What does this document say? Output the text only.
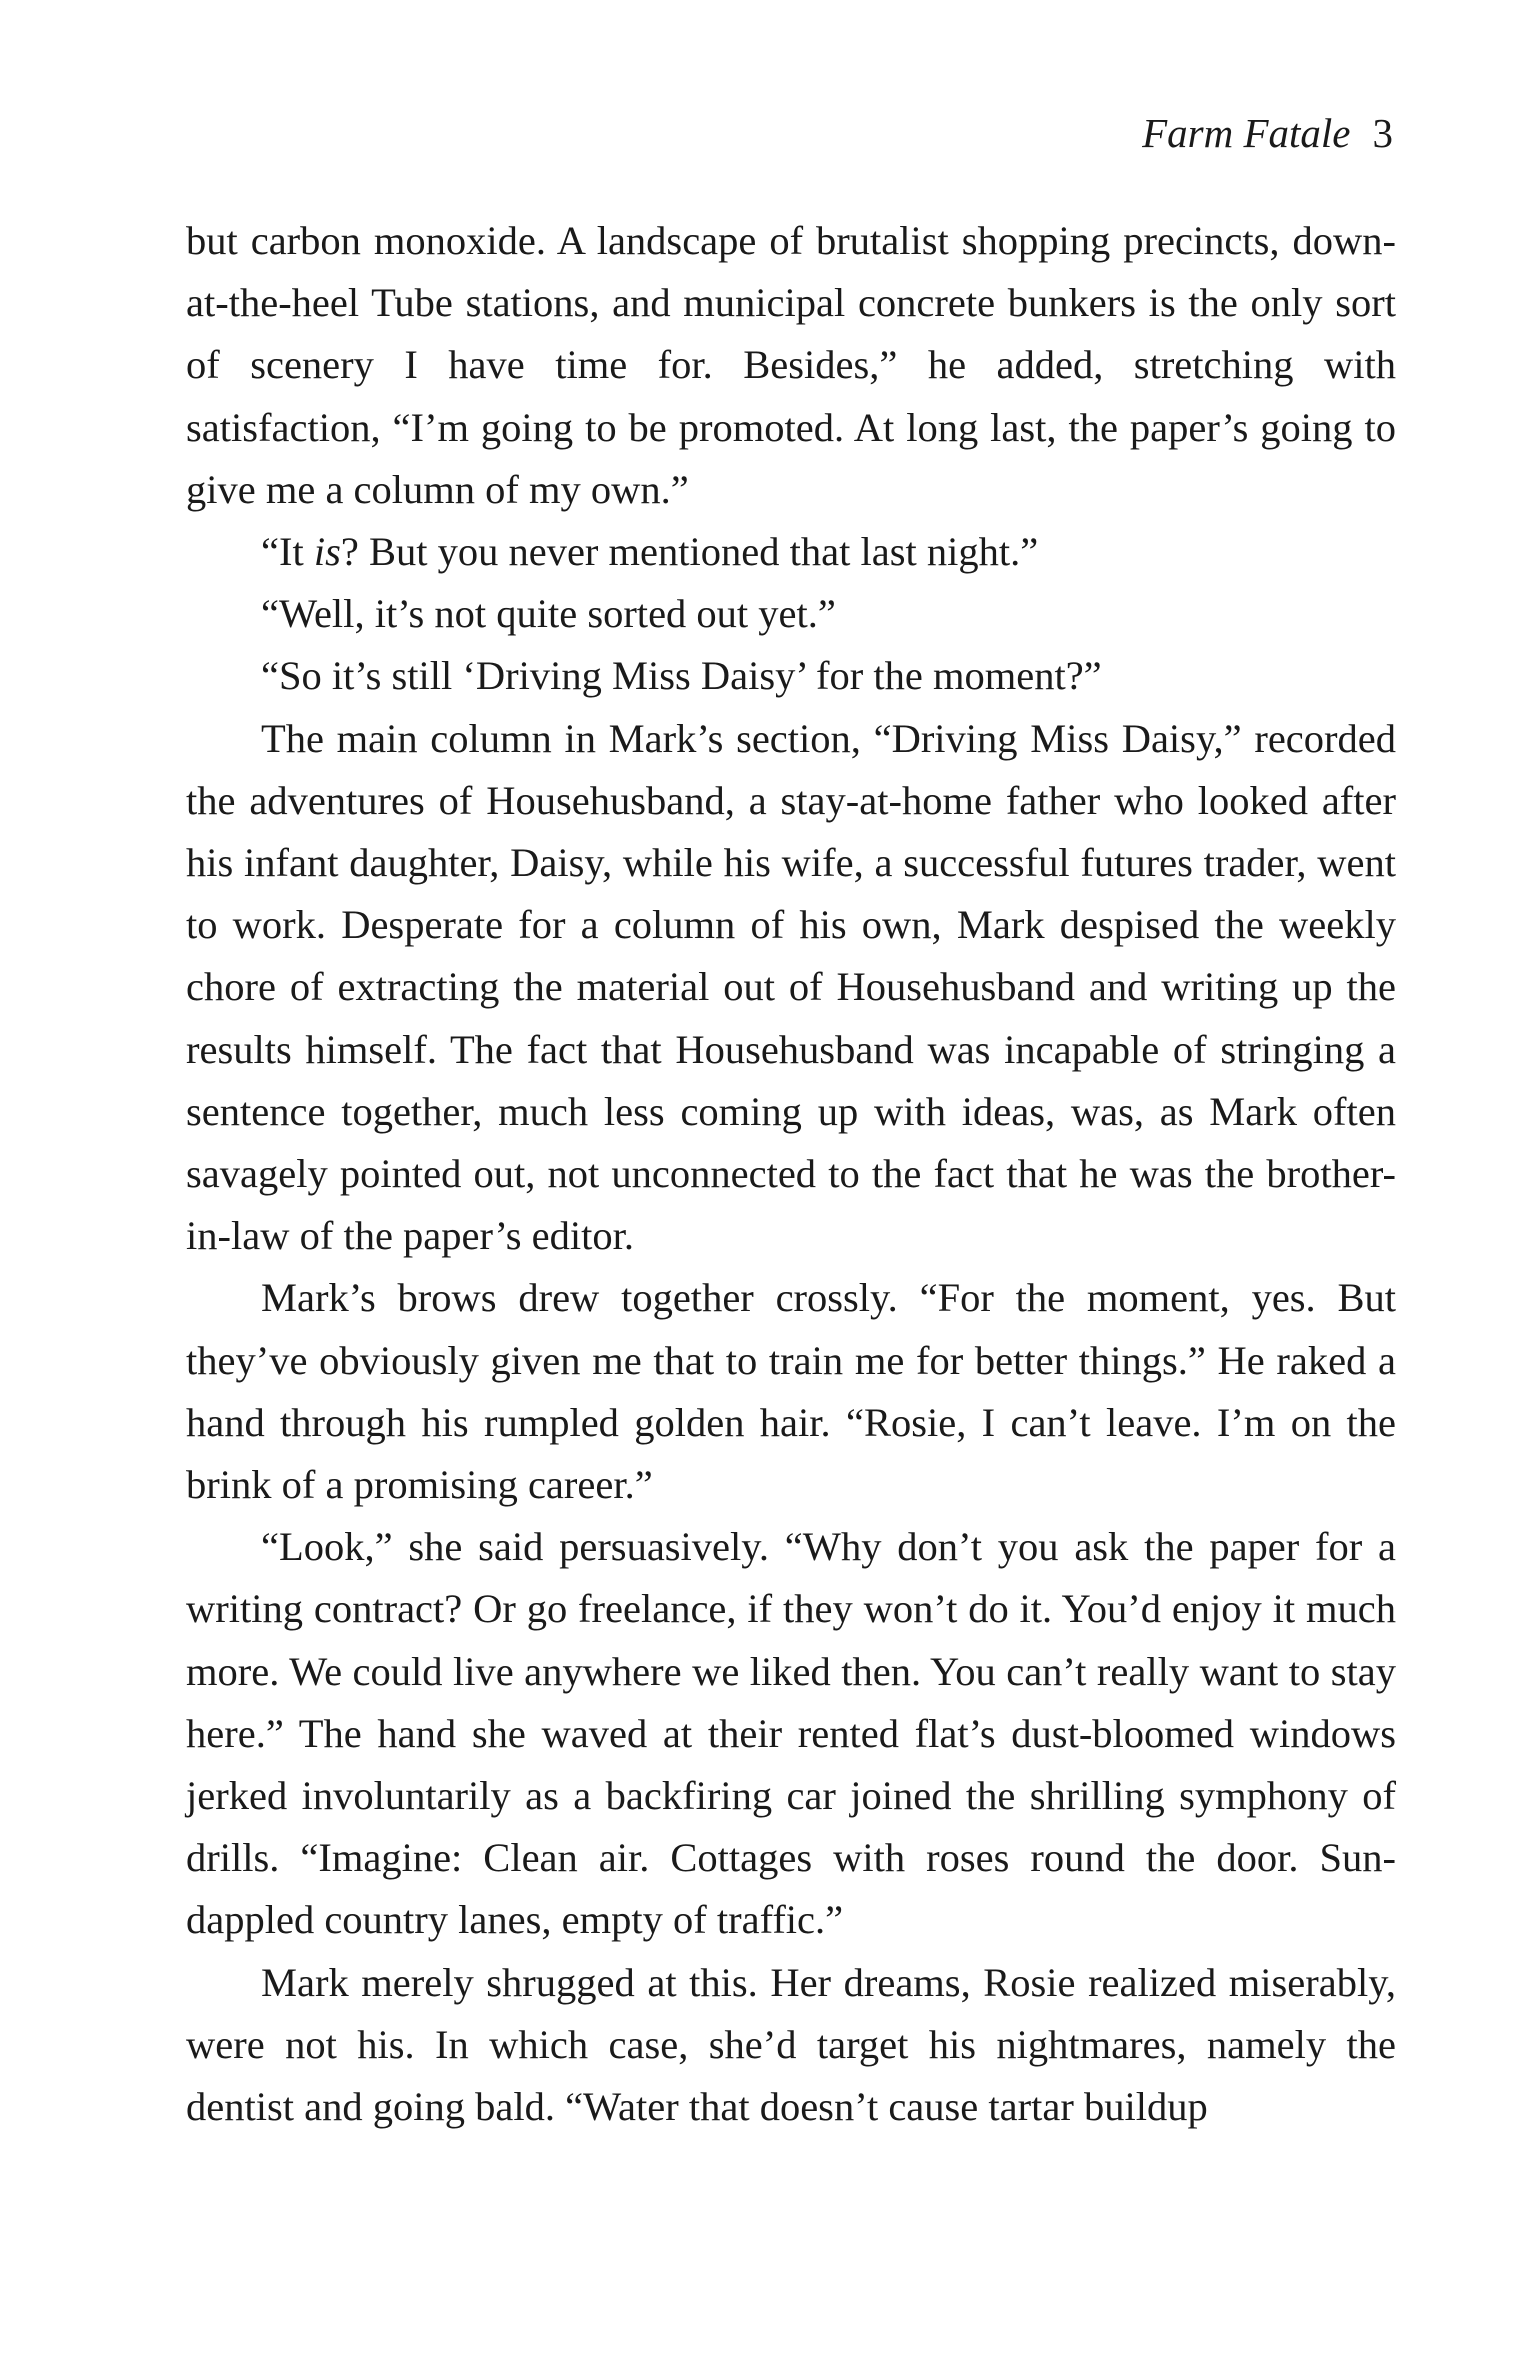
Farm Fatale 3

but carbon monoxide. A landscape of brutalist shopping precincts, down-at-the-heel Tube stations, and municipal concrete bunkers is the only sort of scenery I have time for. Besides,” he added, stretching with satisfaction, “I’m going to be promoted. At long last, the paper’s going to give me a column of my own.”

“It is? But you never mentioned that last night.”

“Well, it’s not quite sorted out yet.”

“So it’s still ‘Driving Miss Daisy’ for the moment?”

The main column in Mark’s section, “Driving Miss Daisy,” recorded the adventures of Househusband, a stay-at-home father who looked after his infant daughter, Daisy, while his wife, a successful futures trader, went to work. Desperate for a column of his own, Mark despised the weekly chore of extracting the material out of Househusband and writing up the results himself. The fact that Househusband was incapable of stringing a sentence together, much less coming up with ideas, was, as Mark often savagely pointed out, not unconnected to the fact that he was the brother-in-law of the paper’s editor.

Mark’s brows drew together crossly. “For the moment, yes. But they’ve obviously given me that to train me for better things.” He raked a hand through his rumpled golden hair. “Rosie, I can’t leave. I’m on the brink of a promising career.”

“Look,” she said persuasively. “Why don’t you ask the paper for a writing contract? Or go freelance, if they won’t do it. You’d enjoy it much more. We could live anywhere we liked then. You can’t really want to stay here.” The hand she waved at their rented flat’s dust-bloomed windows jerked involuntarily as a backfiring car joined the shrilling symphony of drills. “Imagine: Clean air. Cottages with roses round the door. Sun-dappled country lanes, empty of traffic.”

Mark merely shrugged at this. Her dreams, Rosie realized miserably, were not his. In which case, she’d target his nightmares, namely the dentist and going bald. “Water that doesn’t cause tartar buildup
